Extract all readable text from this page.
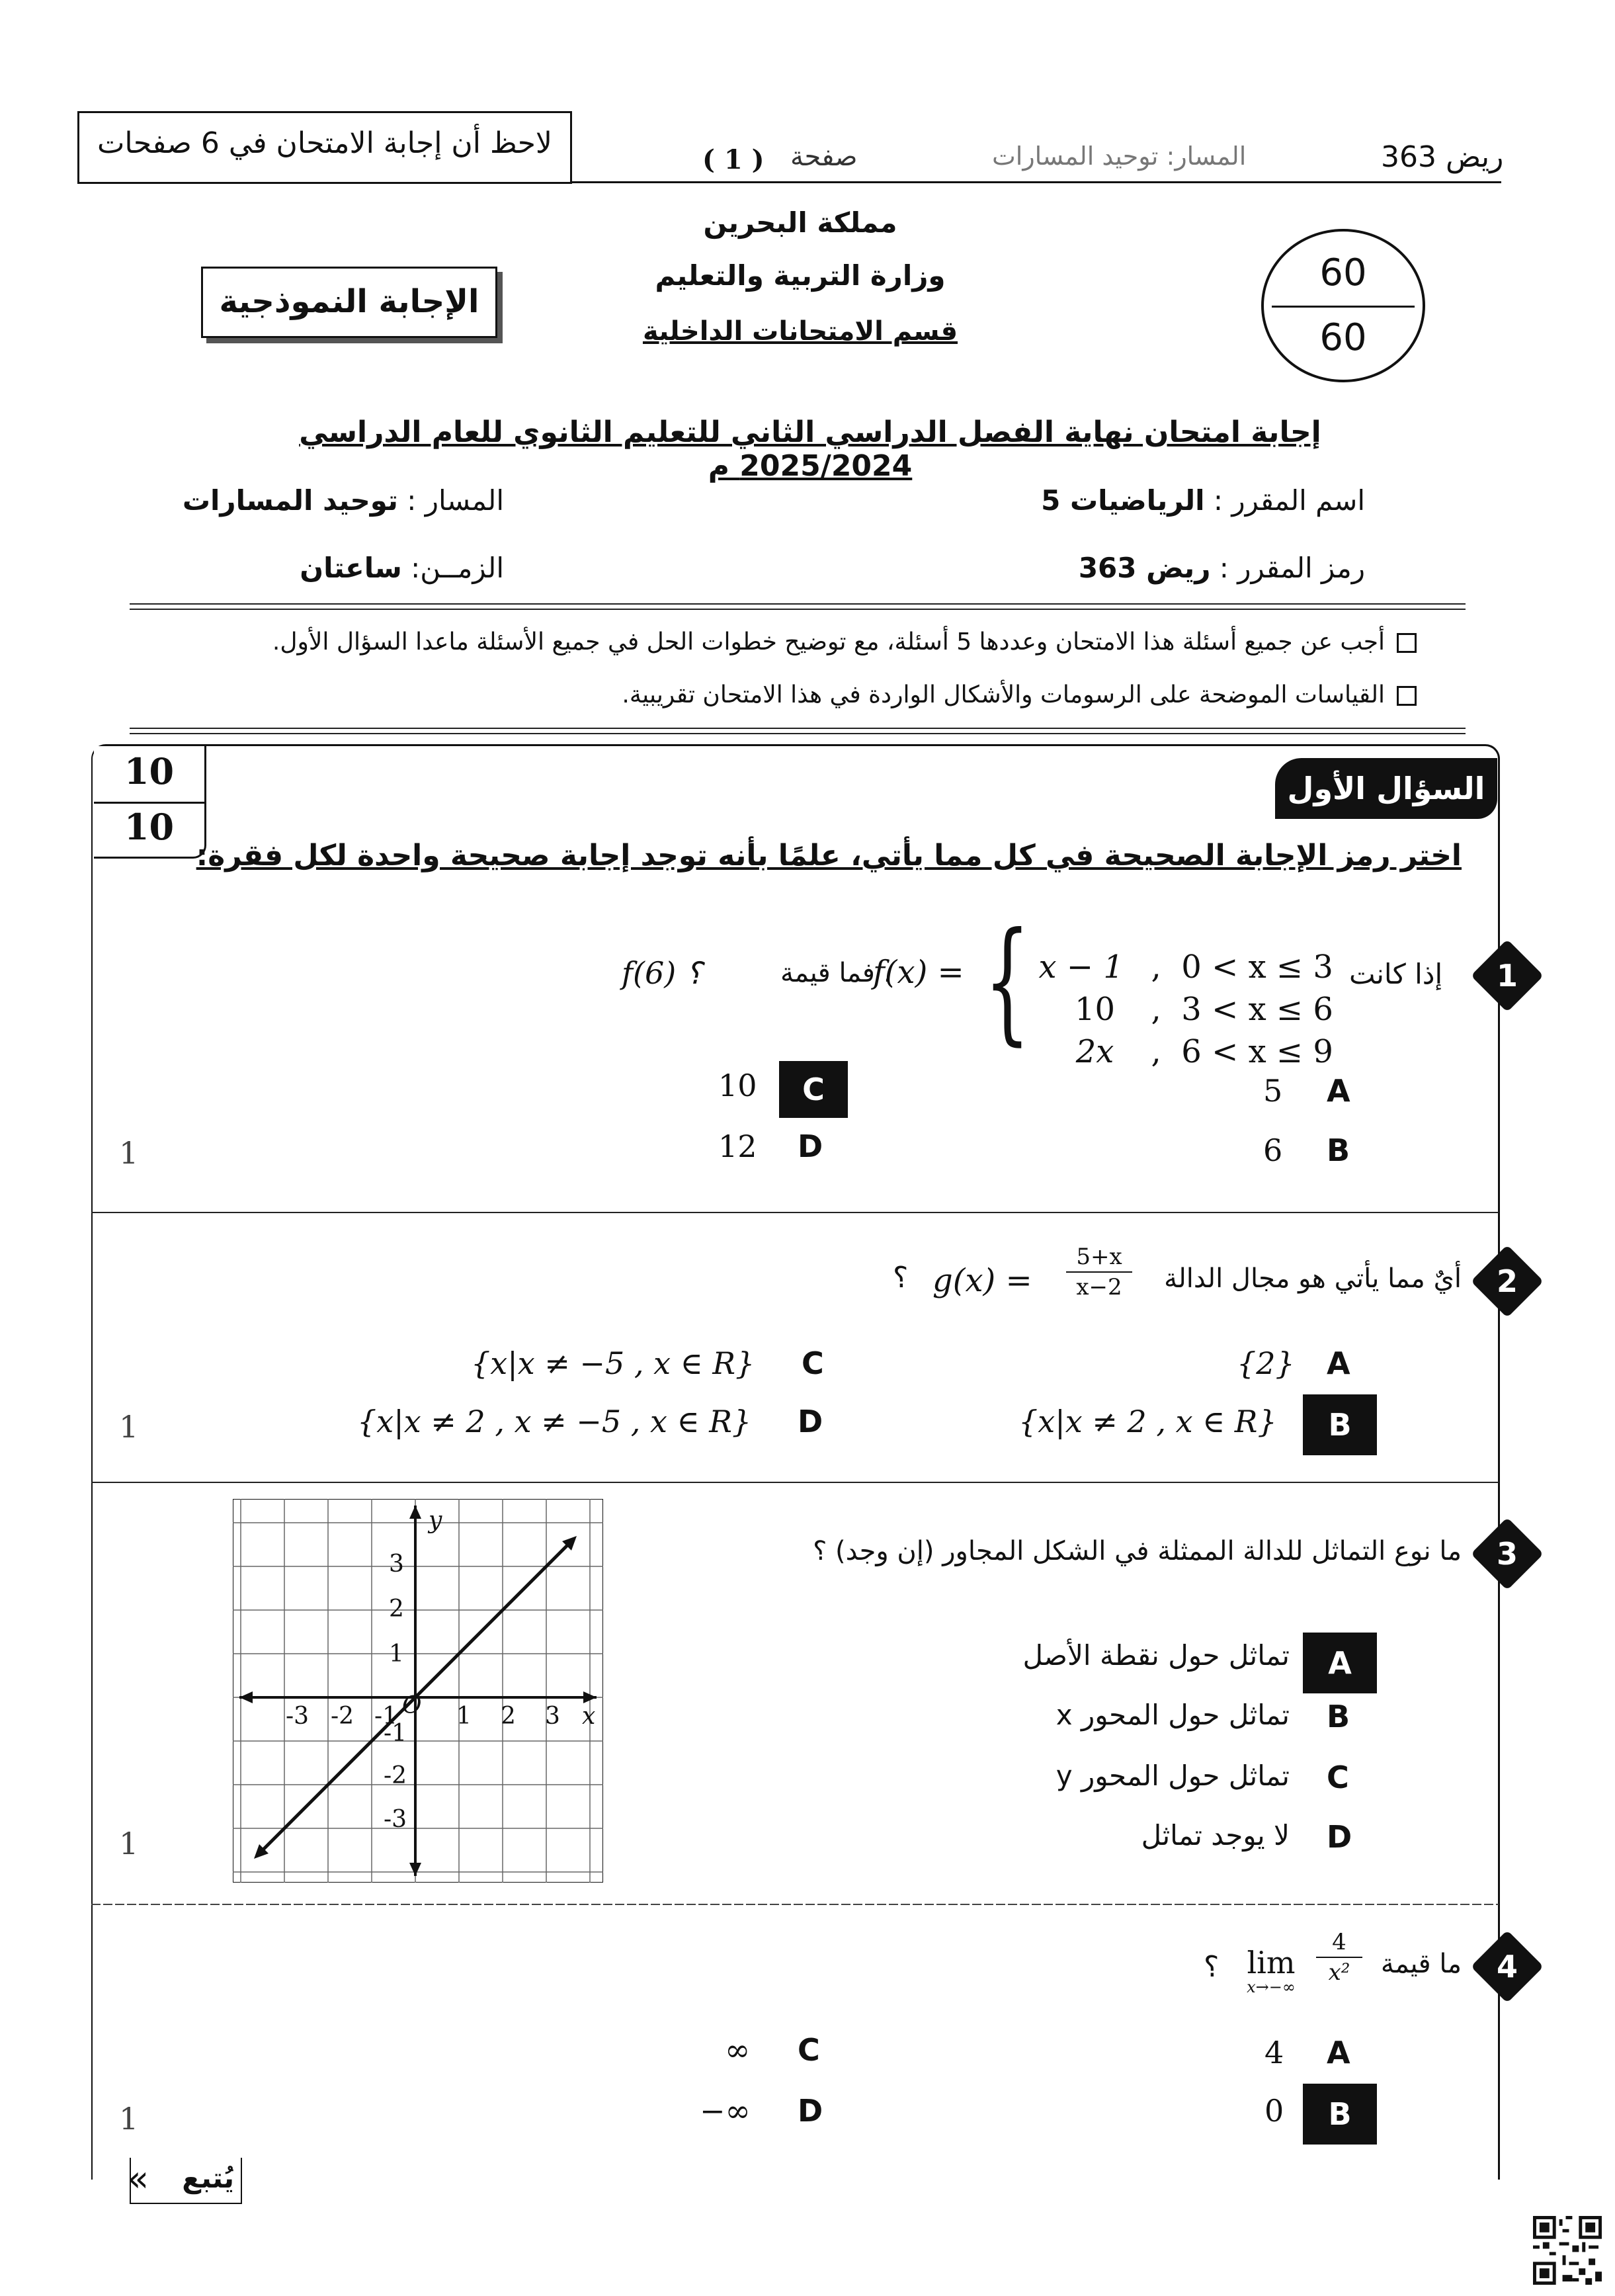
لاحظ أن إجابة الامتحان في 6 صفحات	( 1 ) صفحة	المسار: توحيد المسارات	ريض 363
مملكة البحرين
وزارة التربية والتعليم
قسم الامتحانات الداخلية
الإجابة النموذجية
60
60
إجابة امتحان نهاية الفصل الدراسي الثاني للتعليم الثانوي للعام الدراسي 2025/2024 م
اسم المقرر : الرياضيات 5
المسار : توحيد المسارات
رمز المقرر : ريض 363
الزمــن: ساعتان
أجب عن جميع أسئلة هذا الامتحان وعددها 5 أسئلة، مع توضيح خطوات الحل في جميع الأسئلة ماعدا السؤال الأول.
القياسات الموضحة على الرسومات والأشكال الواردة في هذا الامتحان تقريبية.
10
10
السؤال الأول
اختر رمز الإجابة الصحيحة في كل مما يأتي، علمًا بأنه توجد إجابة صحيحة واحدة لكل فقرة:
1
إذا كانت
{ x − 1 ,  0 < x ≤ 3

10 ,  3 < x ≤ 6

2x ,  6 < x ≤ 9

f(x) =
، فما قيمة
f(6) ؟
A
5
B
6
C
10
D
12
1
2
أيٌ مما يأتي هو مجال الدالة
g(x) =
5+x
x−2
؟
A
{2}
B
{x|x ≠ 2 , x ∈ R}
C
{x|x ≠ −5 , x ∈ R}
D
{x|x ≠ 2 , x ≠ −5 , x ∈ R}
1
3
ما نوع التماثل للدالة الممثلة في الشكل المجاور (إن وجد) ؟
A
تماثل حول نقطة الأصل
B
تماثل حول المحور x
C
تماثل حول المحور y
D
لا يوجد تماثل
1
-3 -2 -1 1 2 3
3
2
1
-1
-2
-3
O	x
y
4
ما قيمة
lim
x→−∞
4
x²
؟
A
4
B
0
C
∞
D
−∞
1
« يُتبع
